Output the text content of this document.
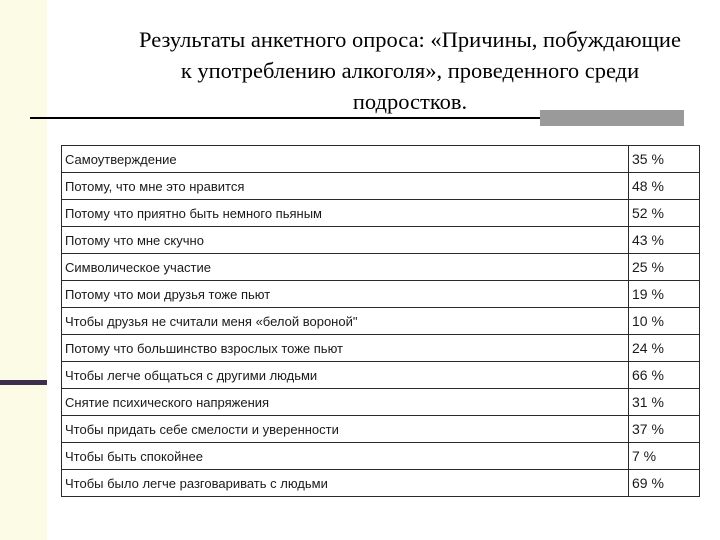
Результаты анкетного опроса: «Причины, побуждающие
к употреблению алкоголя», проведенного среди
подростков.
Самоутверждение	35 %
Потому, что мне это нравится	48 %
Потому что приятно быть немного пьяным	52 %
Потому что мне скучно	43 %
Символическое участие	25 %
Потому что мои друзья тоже пьют	19 %
Чтобы друзья не считали меня «белой вороной"	10 %
Потому что большинство взрослых тоже пьют	24 %
Чтобы легче общаться с другими людьми	66 %
Снятие психического напряжения	31 %
Чтобы придать себе смелости и уверенности	37 %
Чтобы быть спокойнее	7 %
Чтобы было легче разговаривать с людьми	69 %
